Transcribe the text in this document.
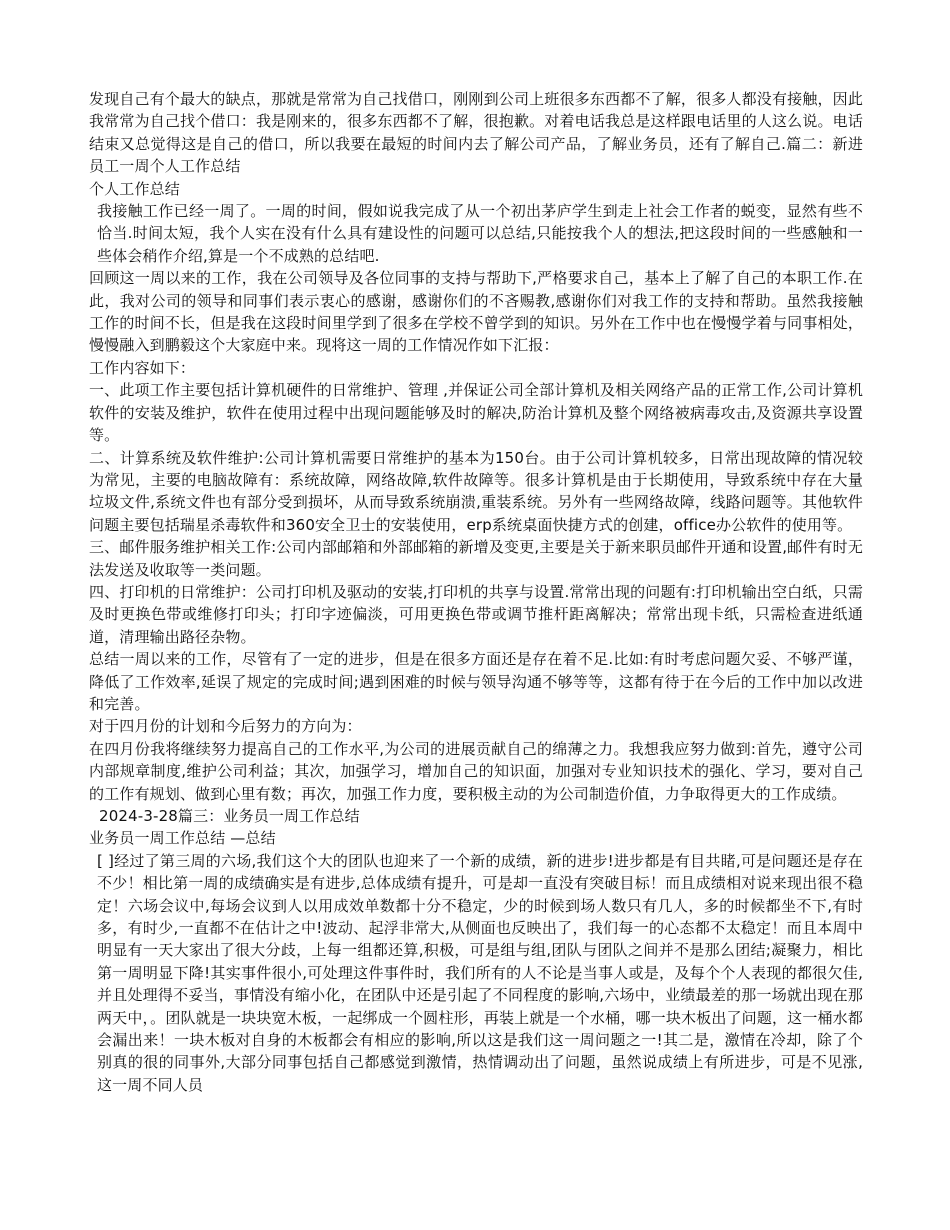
发现自己有个最大的缺点，那就是常常为自己找借口，刚刚到公司上班很多东西都不了解，很多人都没有接触，因此我常常为自己找个借口：我是刚来的，很多东西都不了解，很抱歉。对着电话我总是这样跟电话里的人这么说。电话结束又总觉得这是自己的借口，所以我要在最短的时间内去了解公司产品，了解业务员，还有了解自己.篇二：新进员工一周个人工作总结

个人工作总结

我接触工作已经一周了。一周的时间，假如说我完成了从一个初出茅庐学生到走上社会工作者的蜕变，显然有些不恰当.时间太短，我个人实在没有什么具有建设性的问题可以总结,只能按我个人的想法,把这段时间的一些感触和一些体会稍作介绍,算是一个不成熟的总结吧.

回顾这一周以来的工作，我在公司领导及各位同事的支持与帮助下,严格要求自己，基本上了解了自己的本职工作.在此，我对公司的领导和同事们表示衷心的感谢，感谢你们的不吝赐教,感谢你们对我工作的支持和帮助。虽然我接触工作的时间不长，但是我在这段时间里学到了很多在学校不曾学到的知识。另外在工作中也在慢慢学着与同事相处，慢慢融入到鹏毅这个大家庭中来。现将这一周的工作情况作如下汇报：

工作内容如下：

一、此项工作主要包括计算机硬件的日常维护、管理 ,并保证公司全部计算机及相关网络产品的正常工作,公司计算机软件的安装及维护，软件在使用过程中出现问题能够及时的解决,防治计算机及整个网络被病毒攻击,及资源共享设置等。

二、计算系统及软件维护:公司计算机需要日常维护的基本为150台。由于公司计算机较多，日常出现故障的情况较为常见，主要的电脑故障有：系统故障，网络故障,软件故障等。很多计算机是由于长期使用，导致系统中存在大量垃圾文件,系统文件也有部分受到损坏，从而导致系统崩溃,重装系统。另外有一些网络故障，线路问题等。其他软件问题主要包括瑞星杀毒软件和360安全卫士的安装使用，erp系统桌面快捷方式的创建，office办公软件的使用等。

三、邮件服务维护相关工作:公司内部邮箱和外部邮箱的新增及变更,主要是关于新来职员邮件开通和设置,邮件有时无法发送及收取等一类问题。

四、打印机的日常维护：公司打印机及驱动的安装,打印机的共享与设置.常常出现的问题有:打印机输出空白纸，只需及时更换色带或维修打印头；打印字迹偏淡，可用更换色带或调节推杆距离解决；常常出现卡纸，只需检查进纸通道，清理输出路径杂物。

总结一周以来的工作，尽管有了一定的进步，但是在很多方面还是存在着不足.比如:有时考虑问题欠妥、不够严谨，降低了工作效率,延误了规定的完成时间;遇到困难的时候与领导沟通不够等等，这都有待于在今后的工作中加以改进和完善。

对于四月份的计划和今后努力的方向为：

在四月份我将继续努力提高自己的工作水平,为公司的进展贡献自己的绵薄之力。我想我应努力做到:首先，遵守公司内部规章制度,维护公司利益；其次，加强学习，增加自己的知识面，加强对专业知识技术的强化、学习，要对自己的工作有规划、做到心里有数；再次，加强工作力度，要积极主动的为公司制造价值，力争取得更大的工作成绩。

2024-3-28篇三：业务员一周工作总结

业务员一周工作总结 —总结

[ ]经过了第三周的六场,我们这个大的团队也迎来了一个新的成绩，新的进步!进步都是有目共睹,可是问题还是存在不少！相比第一周的成绩确实是有进步,总体成绩有提升，可是却一直没有突破目标！而且成绩相对说来现出很不稳定！六场会议中,每场会议到人以用成效单数都十分不稳定，少的时候到场人数只有几人，多的时候都坐不下,有时多，有时少,一直都不在估计之中!波动、起浮非常大,从侧面也反映出了，我们每一的心态都不太稳定！而且本周中明显有一天大家出了很大分歧，上每一组都还算,积极，可是组与组,团队与团队之间并不是那么团结;凝聚力，相比第一周明显下降!其实事件很小,可处理这件事件时，我们所有的人不论是当事人或是，及每个个人表现的都很欠佳,并且处理得不妥当，事情没有缩小化，在团队中还是引起了不同程度的影响,六场中，业绩最差的那一场就出现在那两天中，。团队就是一块块宽木板，一起绑成一个圆柱形，再装上就是一个水桶，哪一块木板出了问题，这一桶水都会漏出来！一块木板对自身的木板都会有相应的影响,所以这是我们这一周问题之一!其二是，激情在冷却，除了个别真的很的同事外,大部分同事包括自己都感觉到激情，热情调动出了问题，虽然说成绩上有所进步，可是不见涨,这一周不同人员
